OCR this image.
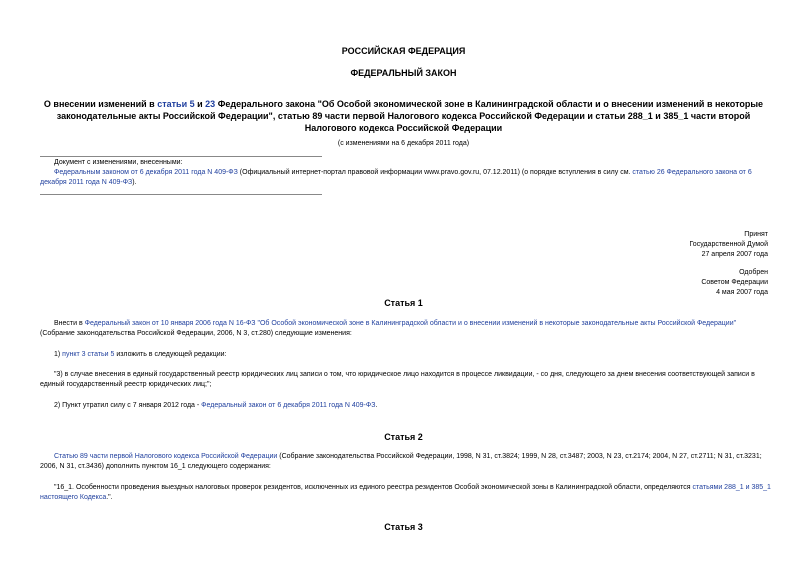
РОССИЙСКАЯ ФЕДЕРАЦИЯ
ФЕДЕРАЛЬНЫЙ ЗАКОН
О внесении изменений в статьи 5 и 23 Федерального закона "Об Особой экономической зоне в Калининградской области и о внесении изменений в некоторые законодательные акты Российской Федерации", статью 89 части первой Налогового кодекса Российской Федерации и статьи 288_1 и 385_1 части второй Налогового кодекса Российской Федерации
(с изменениями на 6 декабря 2011 года)
Документ с изменениями, внесенными:
Федеральным законом от 6 декабря 2011 года N 409-ФЗ (Официальный интернет-портал правовой информации www.pravo.gov.ru, 07.12.2011) (о порядке вступления в силу см. статью 26 Федерального закона от 6 декабря 2011 года N 409-ФЗ).
Принят
Государственной Думой
27 апреля 2007 года
Одобрен
Советом Федерации
4 мая 2007 года
Статья 1
Внести в Федеральный закон от 10 января 2006 года N 16-ФЗ "Об Особой экономической зоне в Калининградской области и о внесении изменений в некоторые законодательные акты Российской Федерации" (Собрание законодательства Российской Федерации, 2006, N 3, ст.280) следующие изменения:
1) пункт 3 статьи 5 изложить в следующей редакции:
"3) в случае внесения в единый государственный реестр юридических лиц записи о том, что юридическое лицо находится в процессе ликвидации, - со дня, следующего за днем внесения соответствующей записи в единый государственный реестр юридических лиц;";
2) Пункт утратил силу с 7 января 2012 года - Федеральный закон от 6 декабря 2011 года N 409-ФЗ.
Статья 2
Статью 89 части первой Налогового кодекса Российской Федерации (Собрание законодательства Российской Федерации, 1998, N 31, ст.3824; 1999, N 28, ст.3487; 2003, N 23, ст.2174; 2004, N 27, ст.2711; N 31, ст.3231; 2006, N 31, ст.3436) дополнить пунктом 16_1 следующего содержания:
"16_1. Особенности проведения выездных налоговых проверок резидентов, исключенных из единого реестра резидентов Особой экономической зоны в Калининградской области, определяются статьями 288_1 и 385_1 настоящего Кодекса.".
Статья 3
